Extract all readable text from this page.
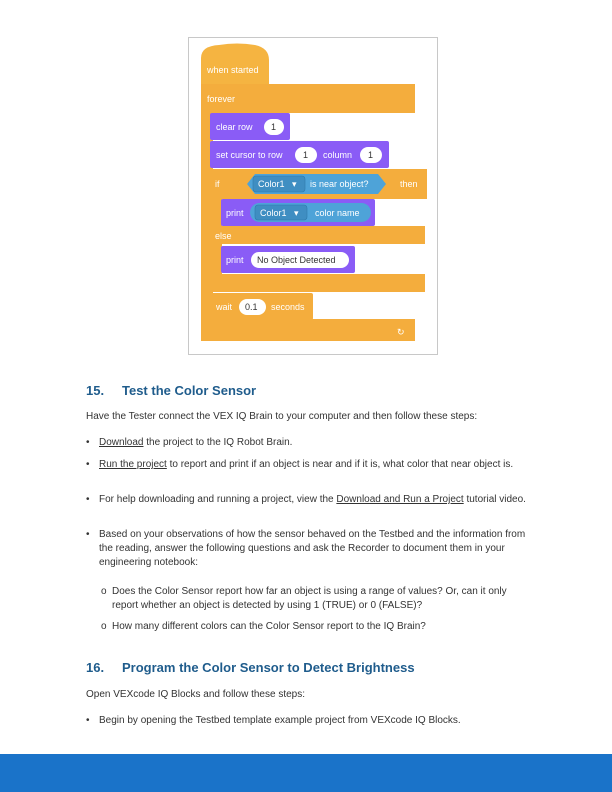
when started
forever
↻
clear row 1
set cursor to row 1 column 1
if	Color1 ▾ is near object?	then
print Color1 ▾ color name
else
print No Object Detected
wait 0.1 seconds
15. Test the Color Sensor
Have the Tester connect the VEX IQ Brain to your computer and then follow these steps:
• Download the project to the IQ Robot Brain.
• Run the project to report and print if an object is near and if it is, what color that near object is.
• For help downloading and running a project, view the Download and Run a Project tutorial video.
• Based on your observations of how the sensor behaved on the Testbed and the information from the reading, answer the following questions and ask the Recorder to document them in your engineering notebook:
o Does the Color Sensor report how far an object is using a range of values? Or, can it only report whether an object is detected by using 1 (TRUE) or 0 (FALSE)?
o How many different colors can the Color Sensor report to the IQ Brain?
16. Program the Color Sensor to Detect Brightness
Open VEXcode IQ Blocks and follow these steps:
• Begin by opening the Testbed template example project from VEXcode IQ Blocks.
